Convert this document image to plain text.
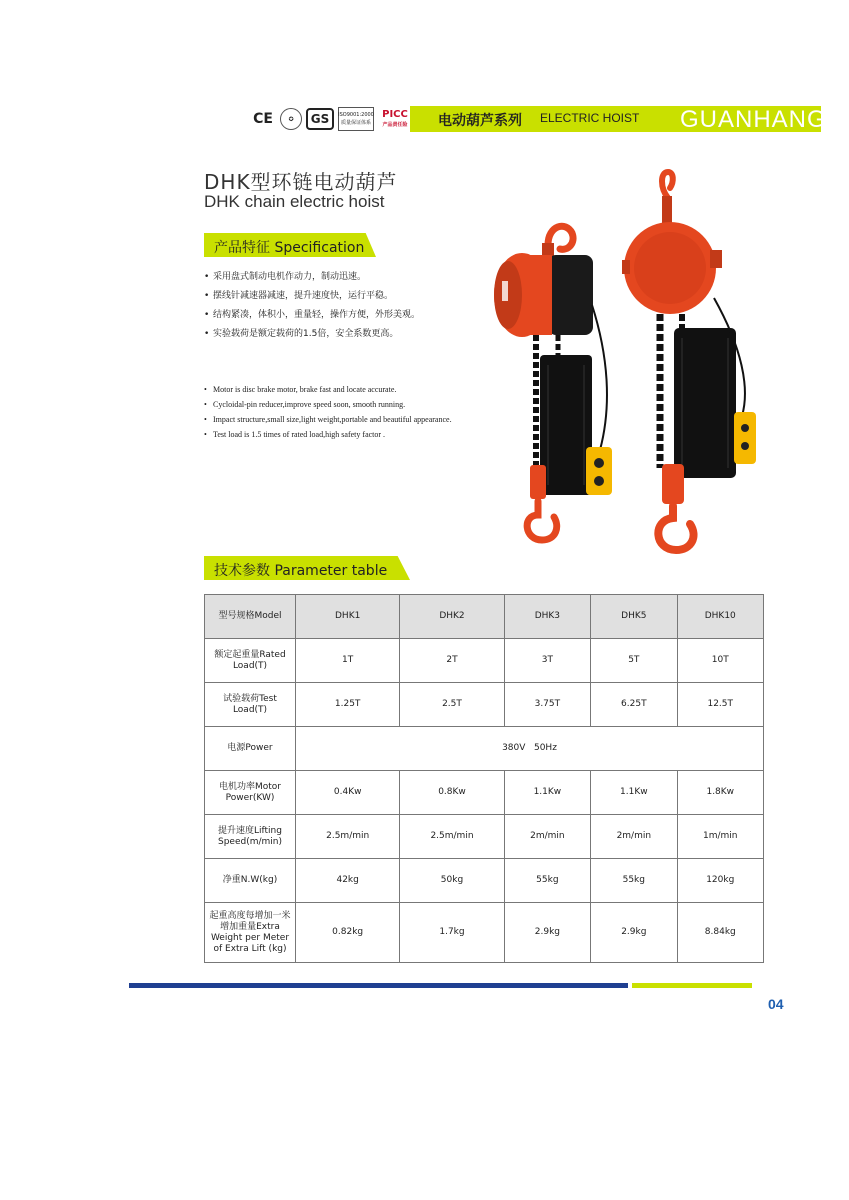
CE	✪	GS	ISO9001:2000
质量保证体系
PICC
产品责任险 电动葫芦系列 ELECTRIC HOIST GUANHANG
DHK型环链电动葫芦
DHK chain electric hoist
产品特征 Specification
• 采用盘式制动电机作动力，制动迅速。
• 摆线针减速器减速，提升速度快，运行平稳。
• 结构紧凑，体积小，重量轻，操作方便，外形美观。
• 实验载荷是额定载荷的1.5倍，安全系数更高。
• Motor is disc brake motor, brake fast and locate accurate.
• Cycloidal-pin reducer,improve speed soon, smooth running.
• Impact structure,small size,light weight,portable and beautiful appearance.
• Test load is 1.5 times of rated load,high safety factor .
技术参数 Parameter table
型号规格Model	DHK1	DHK2	DHK3	DHK5	DHK10
额定起重量Rated Load(T)	1T	2T	3T	5T	10T
试验载荷Test Load(T)	1.25T	2.5T	3.75T	6.25T	12.5T
电源Power	380V   50Hz				
电机功率Motor Power(KW)	0.4Kw	0.8Kw	1.1Kw	1.1Kw	1.8Kw
提升速度Lifting Speed(m/min)	2.5m/min	2.5m/min	2m/min	2m/min	1m/min
净重N.W(kg)	42kg	50kg	55kg	55kg	120kg
起重高度每增加一米增加重量Extra Weight per Meter of Extra Lift (kg)	0.82kg	1.7kg	2.9kg	2.9kg	8.84kg
04
